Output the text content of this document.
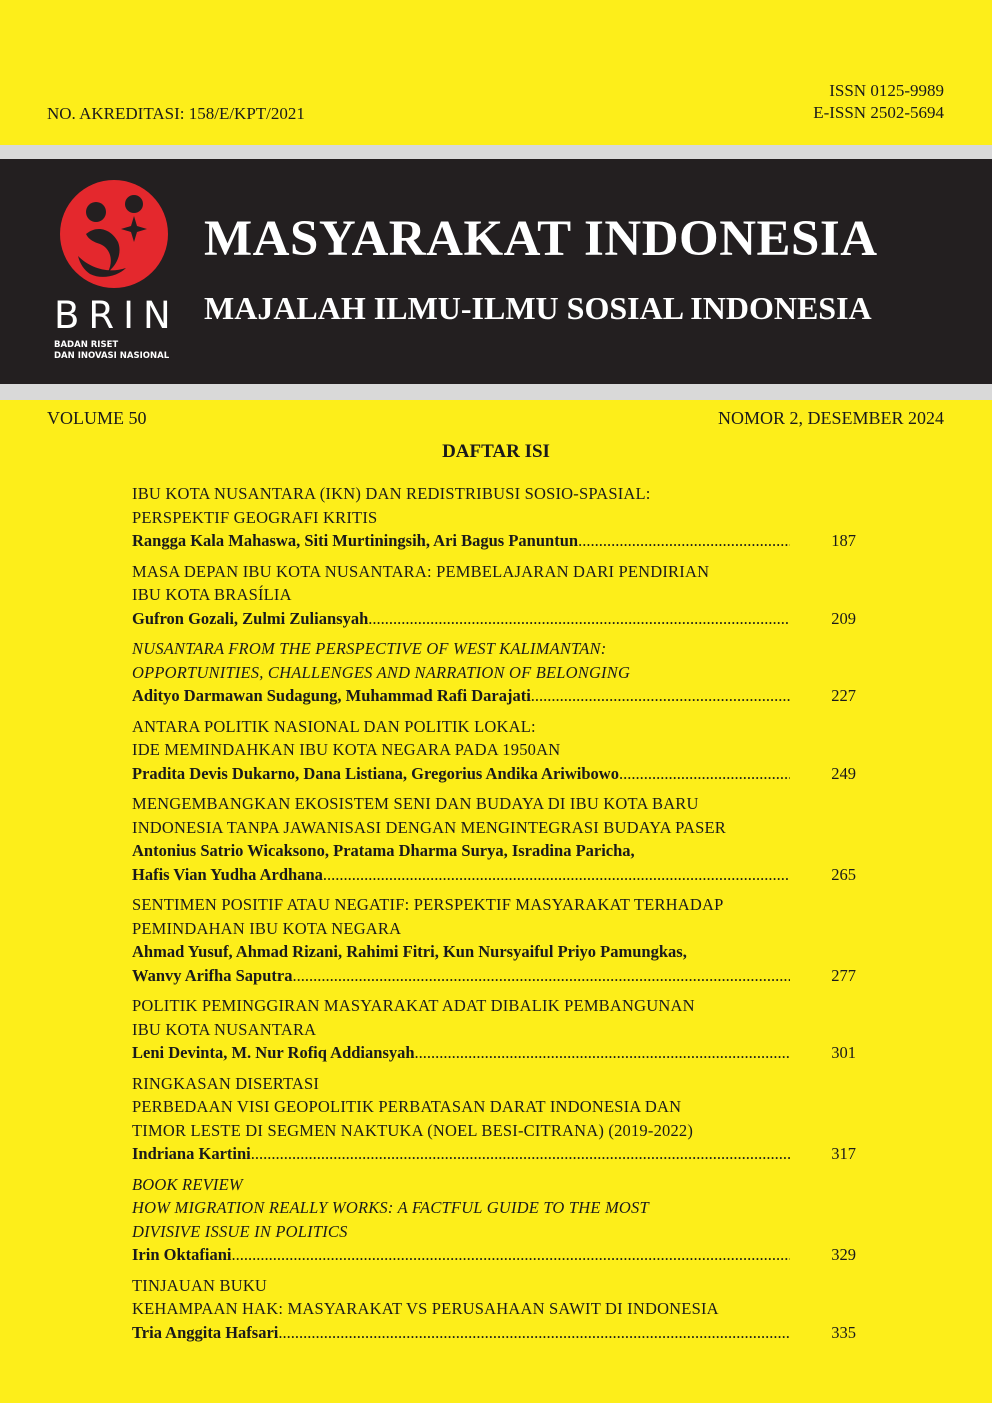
NO. AKREDITASI: 158/E/KPT/2021
ISSN 0125-9989
E-ISSN 2502-5694
BRIN
BADAN RISET
DAN INOVASI NASIONAL
MASYARAKAT INDONESIA
MAJALAH ILMU-ILMU SOSIAL INDONESIA
VOLUME 50	NOMOR 2, DESEMBER 2024
DAFTAR ISI
IBU KOTA NUSANTARA (IKN) DAN REDISTRIBUSI SOSIO-SPASIAL:
PERSPEKTIF GEOGRAFI KRITIS
Rangga Kala Mahaswa, Siti Murtiningsih, Ari Bagus Panuntun .....	187
MASA DEPAN IBU KOTA NUSANTARA: PEMBELAJARAN DARI PENDIRIAN
IBU KOTA BRASÍLIA
Gufron Gozali, Zulmi Zuliansyah .....	209
NUSANTARA FROM THE PERSPECTIVE OF WEST KALIMANTAN:
OPPORTUNITIES, CHALLENGES AND NARRATION OF BELONGING
Adityo Darmawan Sudagung, Muhammad Rafi Darajati .....	227
ANTARA POLITIK NASIONAL DAN POLITIK LOKAL:
IDE MEMINDAHKAN IBU KOTA NEGARA PADA 1950AN
Pradita Devis Dukarno, Dana Listiana, Gregorius Andika Ariwibowo .....	249
MENGEMBANGKAN EKOSISTEM SENI DAN BUDAYA DI IBU KOTA BARU
INDONESIA TANPA JAWANISASI DENGAN MENGINTEGRASI BUDAYA PASER
Antonius Satrio Wicaksono, Pratama Dharma Surya, Isradina Paricha,
Hafis Vian Yudha Ardhana .....	265
SENTIMEN POSITIF ATAU NEGATIF: PERSPEKTIF MASYARAKAT TERHADAP
PEMINDAHAN IBU KOTA NEGARA
Ahmad Yusuf, Ahmad Rizani, Rahimi Fitri, Kun Nursyaiful Priyo Pamungkas,
Wanvy Arifha Saputra .....	277
POLITIK PEMINGGIRAN MASYARAKAT ADAT DIBALIK PEMBANGUNAN
IBU KOTA NUSANTARA
Leni Devinta, M. Nur Rofiq Addiansyah .....	301
RINGKASAN DISERTASI
PERBEDAAN VISI GEOPOLITIK PERBATASAN DARAT INDONESIA DAN
TIMOR LESTE DI SEGMEN NAKTUKA (NOEL BESI-CITRANA) (2019-2022)
Indriana Kartini .....	317
BOOK REVIEW
HOW MIGRATION REALLY WORKS: A FACTFUL GUIDE TO THE MOST
DIVISIVE ISSUE IN POLITICS
Irin Oktafiani .....	329
TINJAUAN BUKU
KEHAMPAAN HAK: MASYARAKAT VS PERUSAHAAN SAWIT DI INDONESIA
Tria Anggita Hafsari .....	335
